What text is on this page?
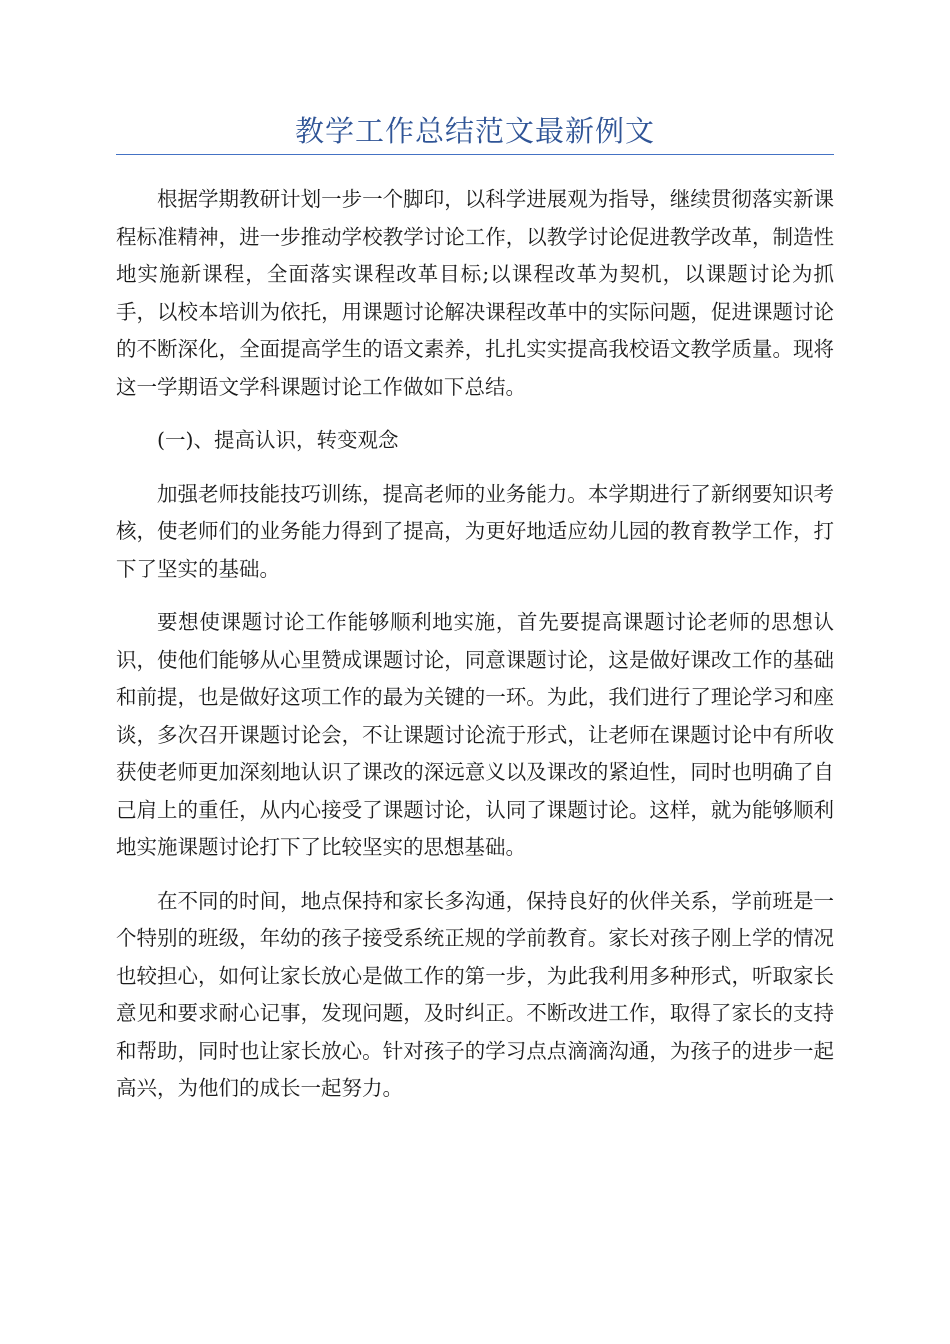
教学工作总结范文最新例文

根据学期教研计划一步一个脚印，以科学进展观为指导，继续贯彻落实新课程标准精神，进一步推动学校教学讨论工作，以教学讨论促进教学改革，制造性地实施新课程，全面落实课程改革目标;以课程改革为契机，以课题讨论为抓手，以校本培训为依托，用课题讨论解决课程改革中的实际问题，促进课题讨论的不断深化，全面提高学生的语文素养，扎扎实实提高我校语文教学质量。现将这一学期语文学科课题讨论工作做如下总结。

(一)、提高认识，转变观念

加强老师技能技巧训练，提高老师的业务能力。本学期进行了新纲要知识考核，使老师们的业务能力得到了提高，为更好地适应幼儿园的教育教学工作，打下了坚实的基础。

要想使课题讨论工作能够顺利地实施，首先要提高课题讨论老师的思想认识，使他们能够从心里赞成课题讨论，同意课题讨论，这是做好课改工作的基础和前提，也是做好这项工作的最为关键的一环。为此，我们进行了理论学习和座谈，多次召开课题讨论会，不让课题讨论流于形式，让老师在课题讨论中有所收获使老师更加深刻地认识了课改的深远意义以及课改的紧迫性，同时也明确了自己肩上的重任，从内心接受了课题讨论，认同了课题讨论。这样，就为能够顺利地实施课题讨论打下了比较坚实的思想基础。

在不同的时间，地点保持和家长多沟通，保持良好的伙伴关系，学前班是一个特别的班级，年幼的孩子接受系统正规的学前教育。家长对孩子刚上学的情况也较担心，如何让家长放心是做工作的第一步，为此我利用多种形式，听取家长意见和要求耐心记事，发现问题，及时纠正。不断改进工作，取得了家长的支持和帮助，同时也让家长放心。针对孩子的学习点点滴滴沟通，为孩子的进步一起高兴，为他们的成长一起努力。
